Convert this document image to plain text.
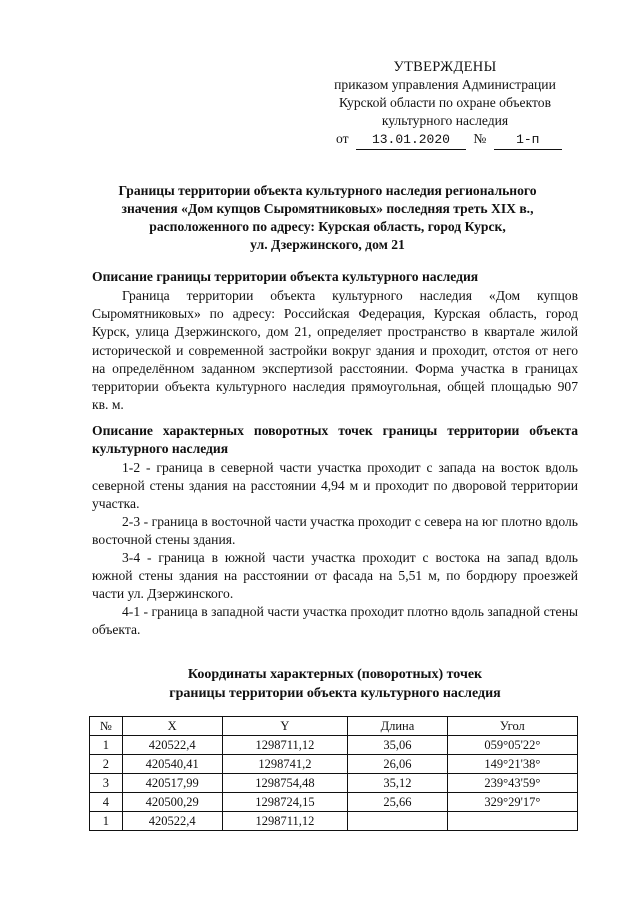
УТВЕРЖДЕНЫ
приказом управления Администрации
Курской области по охране объектов
культурного наследия
от 13.01.2020 № 1-п
Границы территории объекта культурного наследия регионального
значения «Дом купцов Сыромятниковых» последняя треть XIX в.,
расположенного по адресу: Курская область, город Курск,
ул. Дзержинского, дом 21
Описание границы территории объекта культурного наследия

Граница территории объекта культурного наследия «Дом купцов Сыромятниковых» по адресу: Российская Федерация, Курская область, город Курск, улица Дзержинского, дом 21, определяет пространство в квартале жилой исторической и современной застройки вокруг здания и проходит, отстоя от него на определённом заданном экспертизой расстоянии. Форма участка в границах территории объекта культурного наследия прямоугольная, общей площадью 907 кв. м.

Описание характерных поворотных точек границы территории объекта культурного наследия

1-2 - граница в северной части участка проходит с запада на восток вдоль северной стены здания на расстоянии 4,94 м и проходит по дворовой территории участка.

2-3 - граница в восточной части участка проходит с севера на юг плотно вдоль восточной стены здания.

3-4 - граница в южной части участка проходит с востока на запад вдоль южной стены здания на расстоянии от фасада на 5,51 м, по бордюру проезжей части ул. Дзержинского.

4-1 - граница в западной части участка проходит плотно вдоль западной стены объекта.

Координаты характерных (поворотных) точек
границы территории объекта культурного наследия
№	X	Y	Длина	Угол
1	420522,4	1298711,12	35,06	059°05'22°
2	420540,41	1298741,2	26,06	149°21'38°
3	420517,99	1298754,48	35,12	239°43'59°
4	420500,29	1298724,15	25,66	329°29'17°
1	420522,4	1298711,12		
